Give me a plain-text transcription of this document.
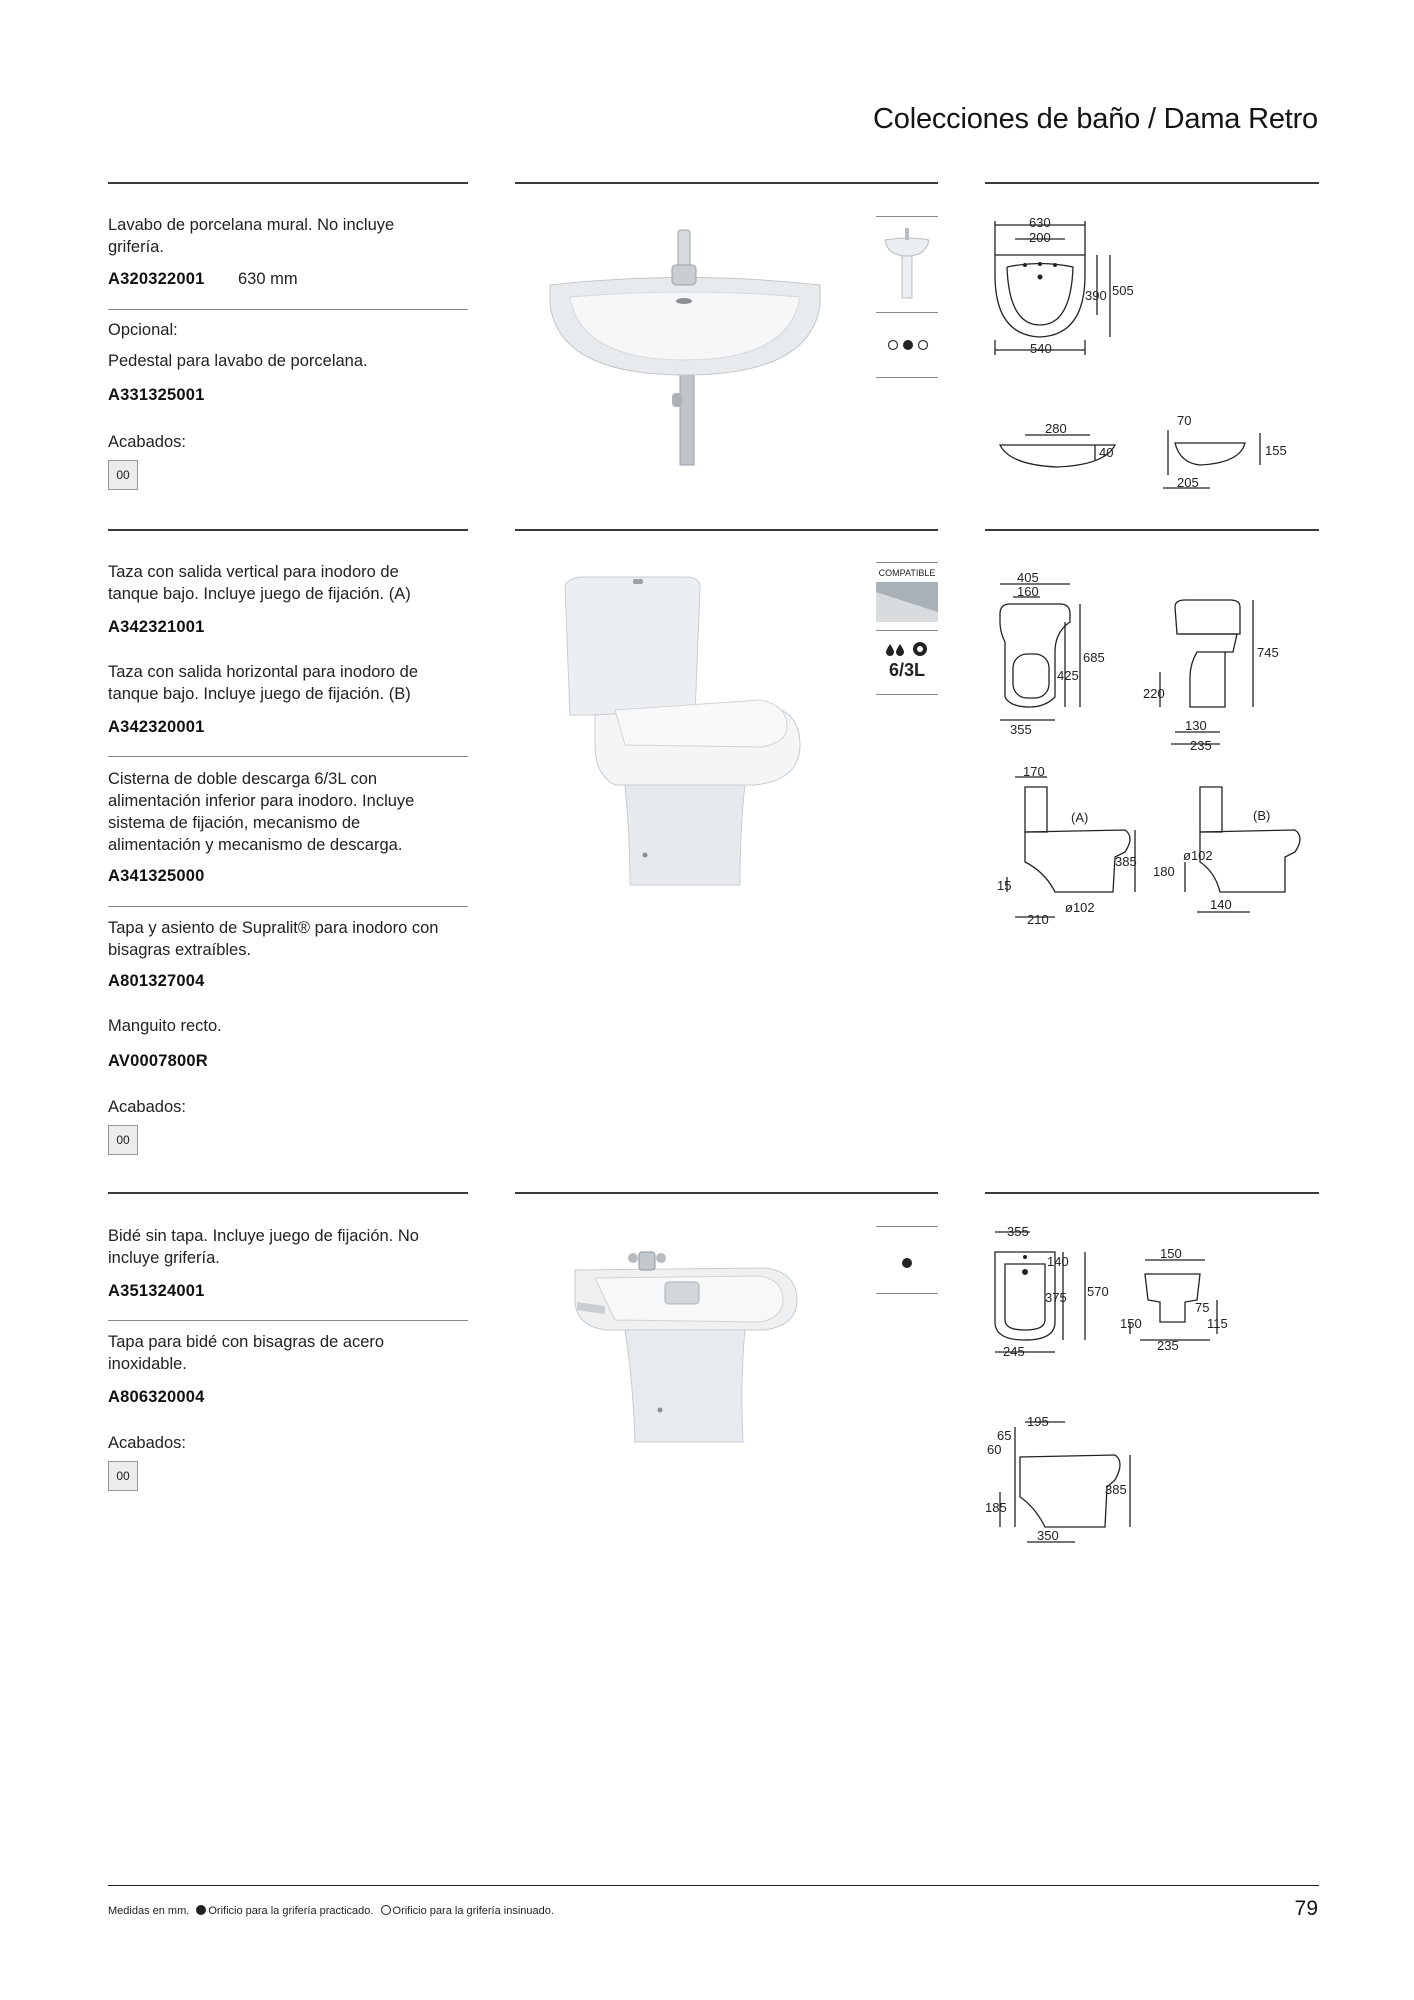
Colecciones de baño / Dama Retro
Lavabo de porcelana mural. No incluye grifería.
A320322001 630 mm
Opcional:
Pedestal para lavabo de porcelana.
A331325001
Acabados:
00
630
200
390 505
540
280
40
70
155
205
Taza con salida vertical para inodoro de tanque bajo. Incluye juego de fijación. (A)
A342321001
Taza con salida horizontal para inodoro de tanque bajo. Incluye juego de fijación. (B)
A342320001
Cisterna de doble descarga 6/3L con alimentación inferior para inodoro. Incluye sistema de fijación, mecanismo de alimentación y mecanismo de descarga.
A341325000
Tapa y asiento de Supralit® para inodoro con bisagras extraíbles.
A801327004
Manguito recto.
AV0007800R
Acabados:
00
COMPATIBLE
6/3L
405
160
685
425
355
745
220
130
235
170
(A)	(B)
385
15
210
ø102
ø102
180
140
Bidé sin tapa. Incluye juego de fijación. No incluye grifería.
A351324001
Tapa para bidé con bisagras de acero inoxidable.
A806320004
Acabados:
00
355
140
375 570
245
150
75
150	115
235
195
65
60
385
185
350
Medidas en mm. Orificio para la grifería practicado. Orificio para la grifería insinuado.	79
